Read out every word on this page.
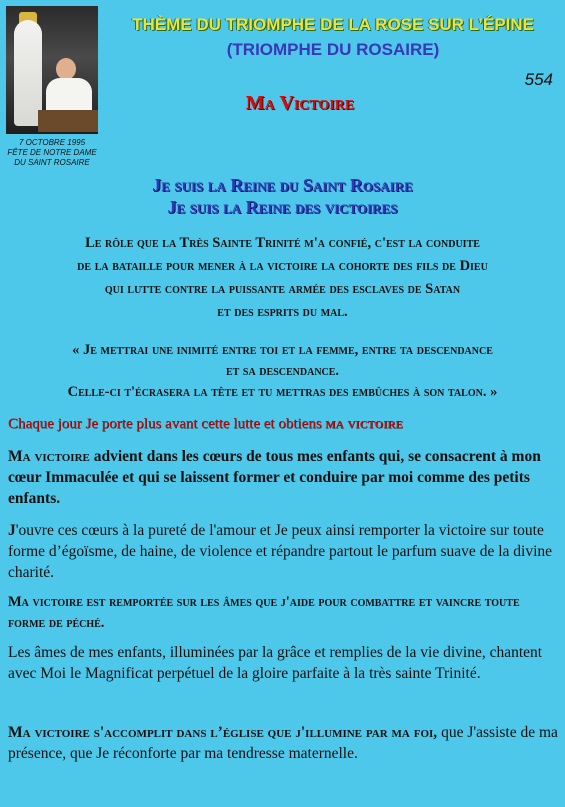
7 OCTOBRE 1995
FÊTE DE NOTRE DAME
DU SAINT ROSAIRE
THÈME DU TRIOMPHE DE LA ROSE SUR L’ÉPINE
(TRIOMPHE DU ROSAIRE)
554
Ma Victoire
Je suis la Reine du Saint Rosaire
Je suis la Reine des victoires
Le rôle que la Très Sainte Trinité m'a confié, c'est la conduite
de la bataille pour mener à la victoire la cohorte des fils de Dieu
qui lutte contre la puissante armée des esclaves de Satan
et des esprits du mal.
« Je mettrai une inimité entre toi et la femme, entre ta descendance
et sa descendance.
Celle-ci t'écrasera la tête et tu mettras des embûches à son talon. »
Chaque jour Je porte plus avant cette lutte et obtiens ma victoire
Ma victoire advient dans les cœurs de tous mes enfants qui, se consacrent à mon cœur Immaculée et qui se laissent former et conduire par moi comme des petits enfants.
J'ouvre ces cœurs à la pureté de l'amour et Je peux ainsi remporter la victoire sur toute forme d’égoïsme, de haine, de violence et répandre partout le parfum suave de la divine charité.
Ma victoire est remportée sur les âmes que j'aide pour combattre et vaincre toute forme de péché.
Les âmes de mes enfants, illuminées par la grâce et remplies de la vie divine, chantent avec Moi le Magnificat perpétuel de la gloire parfaite à la très sainte Trinité.
Ma victoire s'accomplit dans l’église que j'illumine par ma foi, que J'assiste de ma présence, que Je réconforte par ma tendresse maternelle.
